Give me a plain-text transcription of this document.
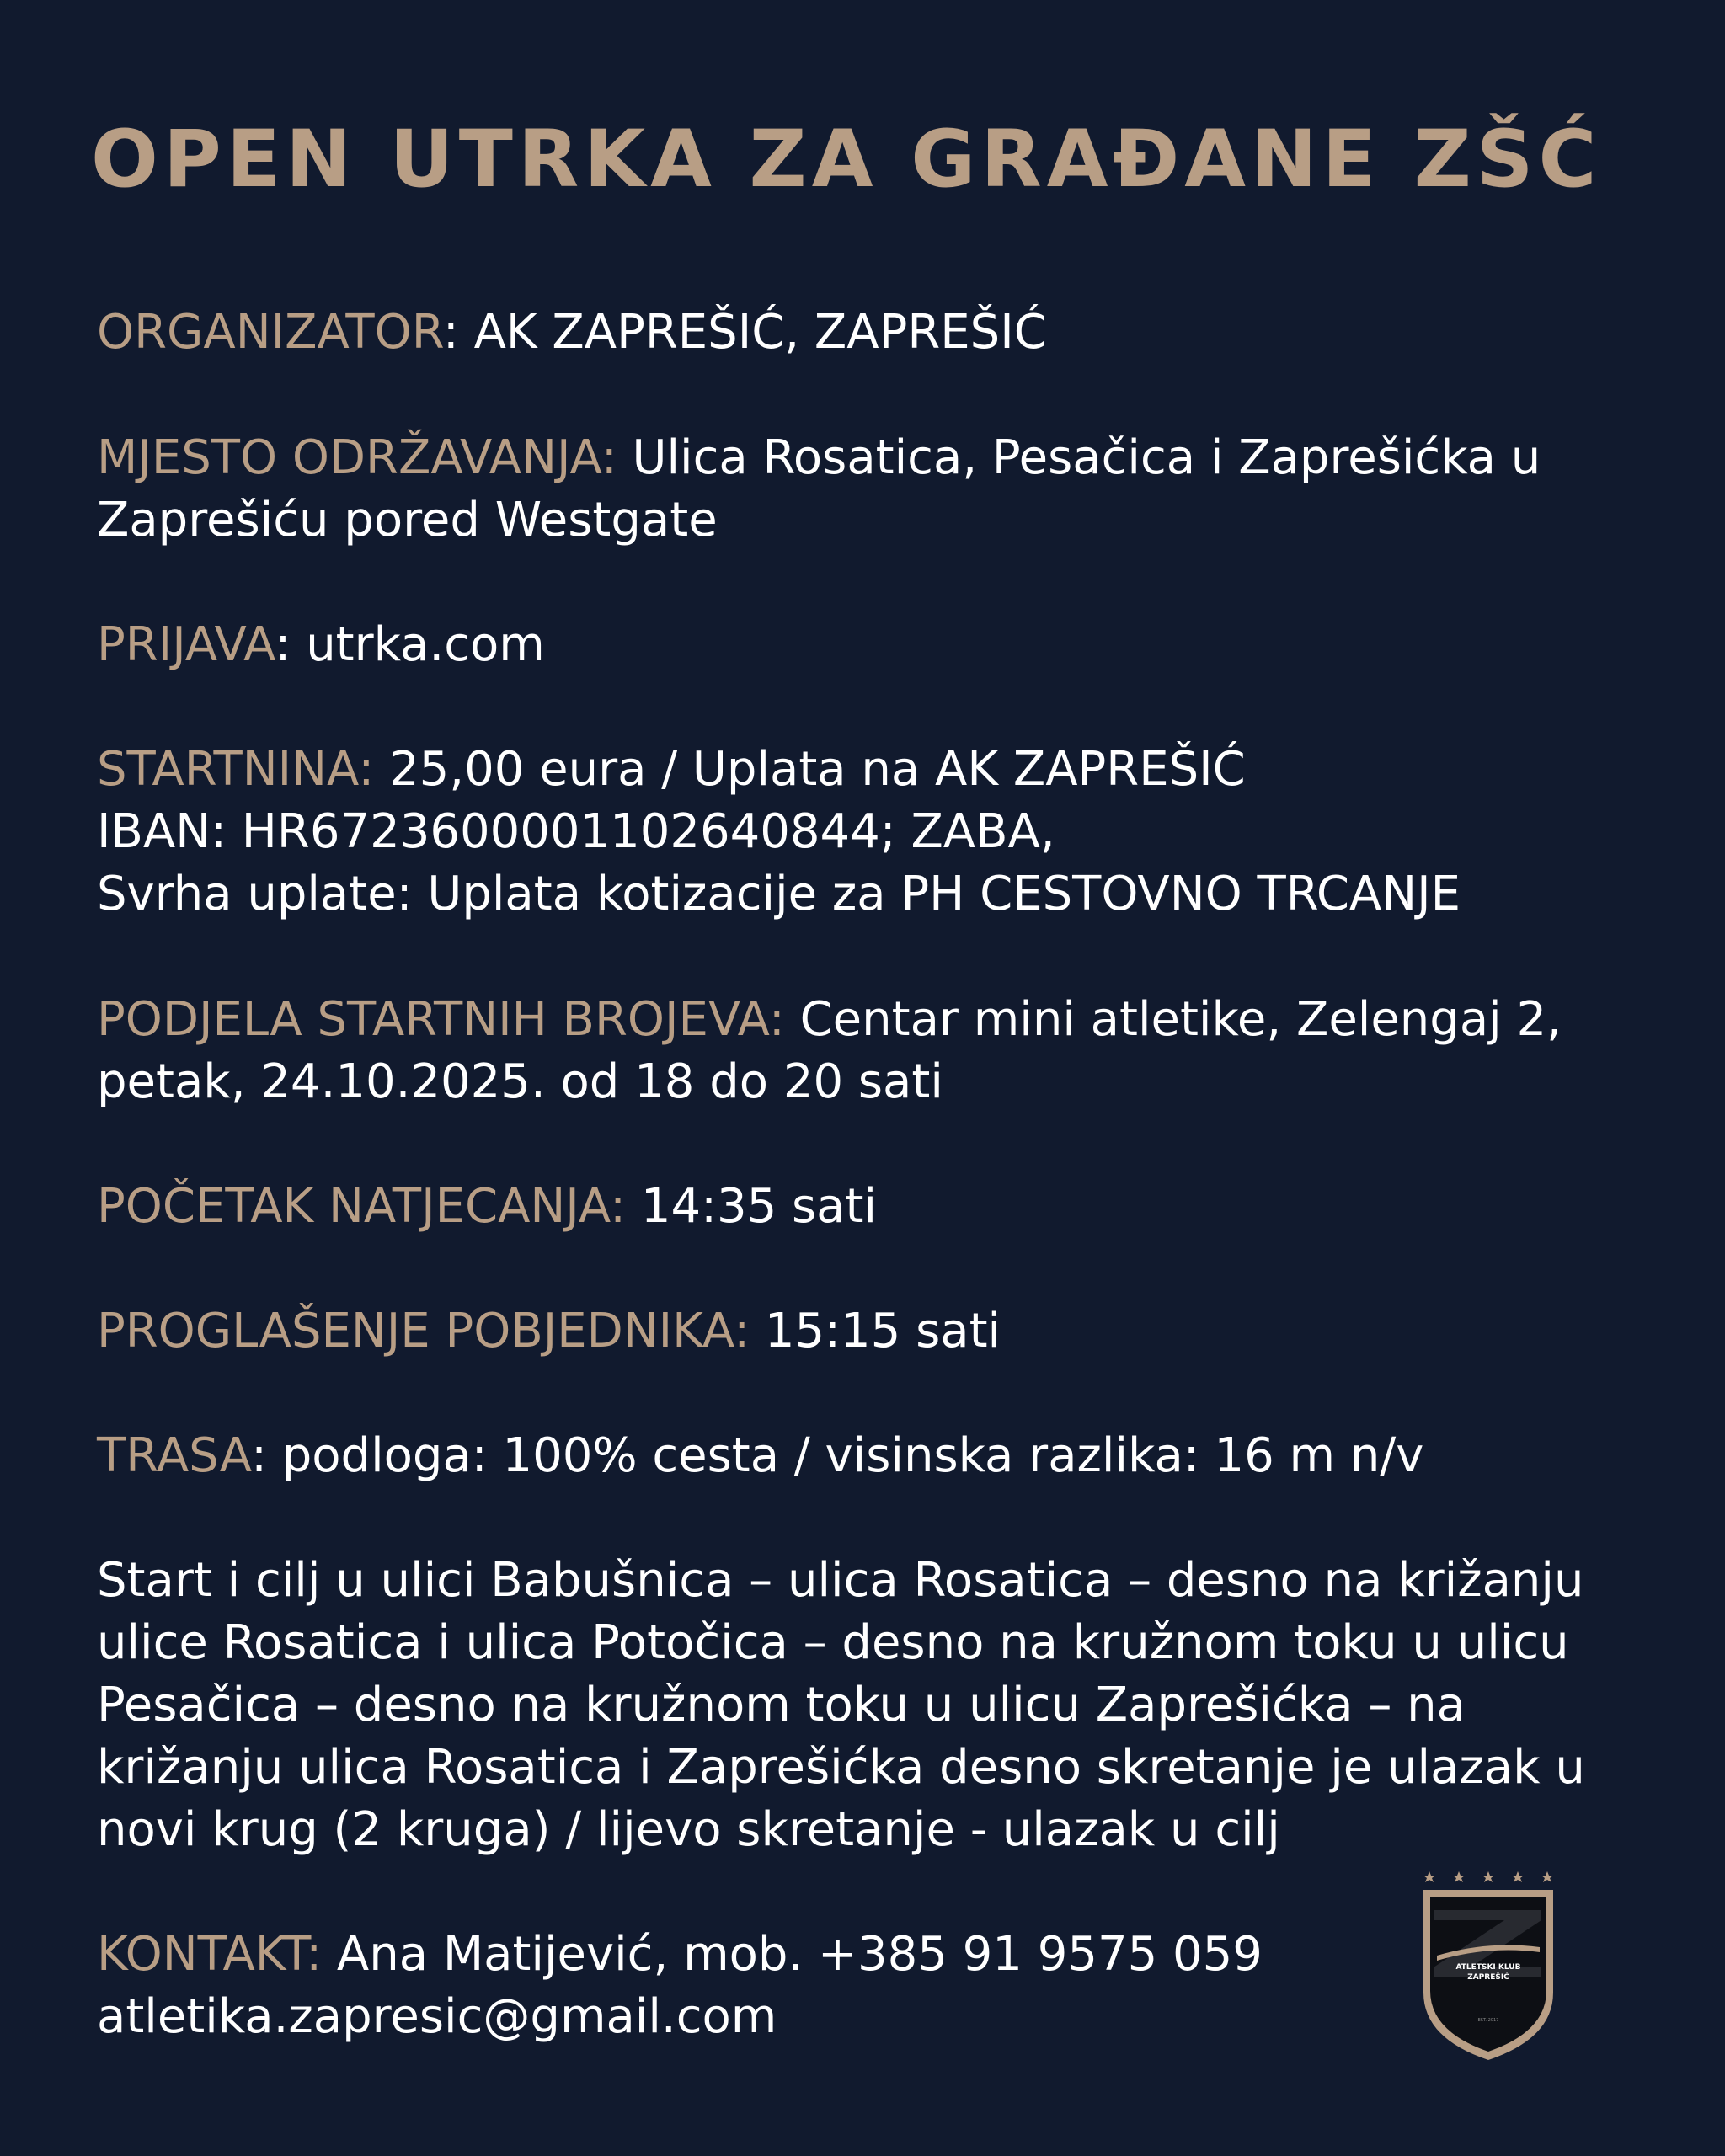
OPEN UTRKA ZA GRAĐANE ZŠĆ

ORGANIZATOR: AK ZAPREŠIĆ, ZAPREŠIĆ

MJESTO ODRŽAVANJA: Ulica Rosatica, Pesačica i Zaprešićka u
Zaprešiću pored Westgate

PRIJAVA: utrka.com

STARTNINA: 25,00 eura / Uplata na AK ZAPREŠIĆ
IBAN: HR6723600001102640844; ZABA,
Svrha uplate: Uplata kotizacije za PH CESTOVNO TRCANJE

PODJELA STARTNIH BROJEVA: Centar mini atletike, Zelengaj 2,
petak, 24.10.2025. od 18 do 20 sati

POČETAK NATJECANJA: 14:35 sati

PROGLAŠENJE POBJEDNIKA: 15:15 sati

TRASA: podloga: 100% cesta / visinska razlika: 16 m n/v

Start i cilj u ulici Babušnica – ulica Rosatica – desno na križanju
ulice Rosatica i ulica Potočica – desno na kružnom toku u ulicu
Pesačica – desno na kružnom toku u ulicu Zaprešićka – na
križanju ulica Rosatica i Zaprešićka desno skretanje je ulazak u
novi krug (2 kruga) / lijevo skretanje - ulazak u cilj

KONTAKT: Ana Matijević, mob. +385 91 9575 059
atletika.zapresic@gmail.com

ATLETSKI KLUB
ZAPREŠIĆ
EST. 2017
